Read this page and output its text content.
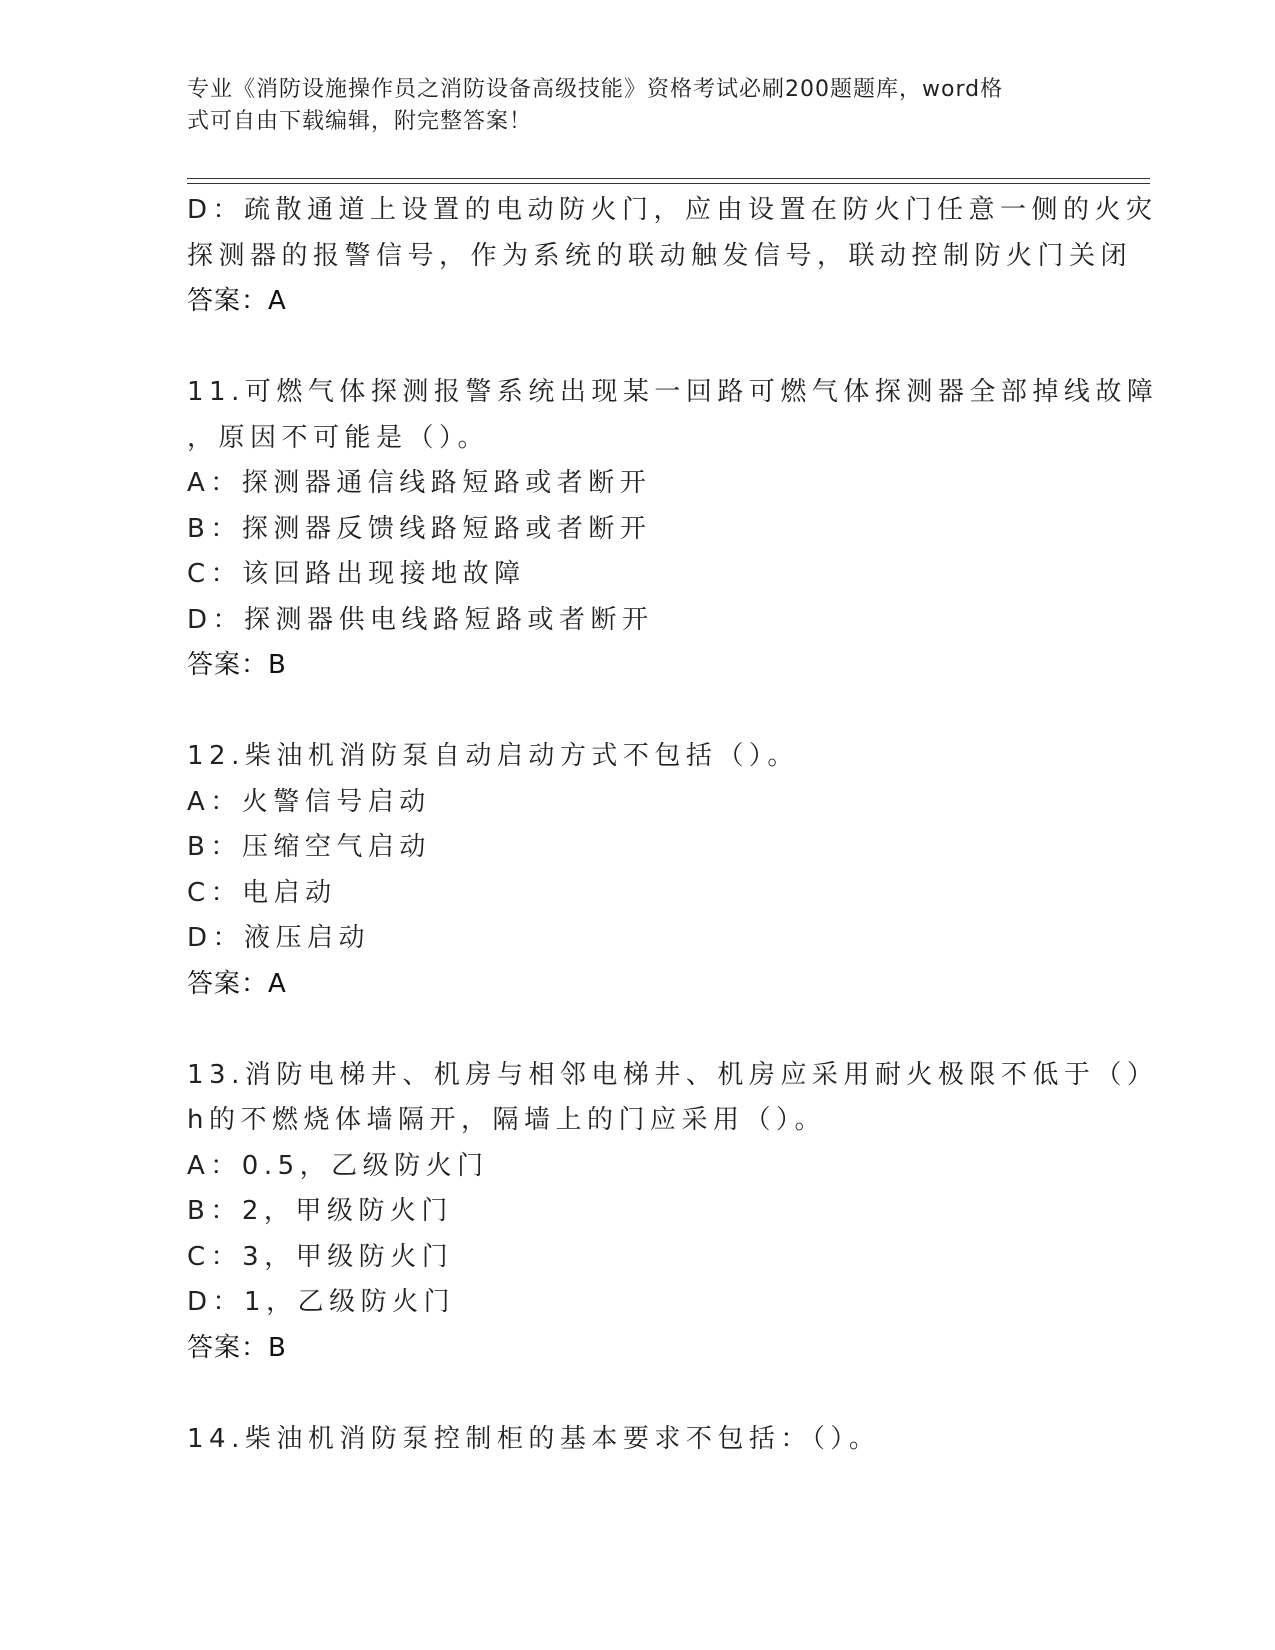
专业《消防设施操作员之消防设备高级技能》资格考试必刷200题题库，word格
式可自由下载编辑，附完整答案！
D：疏散通道上设置的电动防火门，应由设置在防火门任意一侧的火灾
探测器的报警信号，作为系统的联动触发信号，联动控制防火门关闭
答案：A
11.可燃气体探测报警系统出现某一回路可燃气体探测器全部掉线故障
，原因不可能是（）。
A：探测器通信线路短路或者断开
B：探测器反馈线路短路或者断开
C：该回路出现接地故障
D：探测器供电线路短路或者断开
答案：B
12.柴油机消防泵自动启动方式不包括（）。
A：火警信号启动
B：压缩空气启动
C：电启动
D：液压启动
答案：A
13.消防电梯井、机房与相邻电梯井、机房应采用耐火极限不低于（）
h的不燃烧体墙隔开，隔墙上的门应采用（）。
A：0.5，乙级防火门
B：2，甲级防火门
C：3，甲级防火门
D：1，乙级防火门
答案：B
14.柴油机消防泵控制柜的基本要求不包括：（）。
